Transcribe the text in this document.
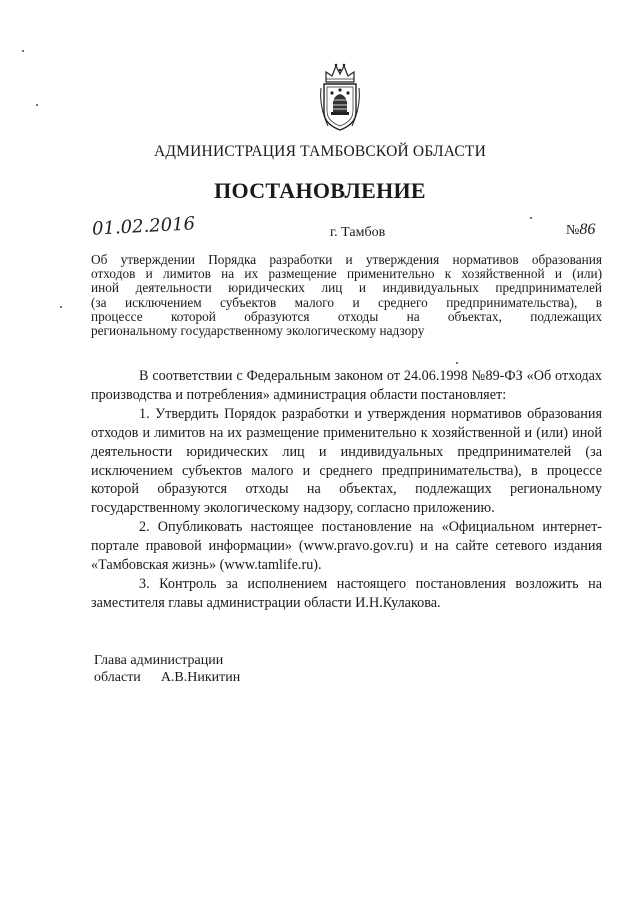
АДМИНИСТРАЦИЯ ТАМБОВСКОЙ ОБЛАСТИ
ПОСТАНОВЛЕНИЕ
01.02.2016	г. Тамбов	№86
Об утверждении Порядка разработки и утверждения нормативов образования
отходов и лимитов на их размещение применительно к хозяйственной и (или)
иной деятельности юридических лиц и индивидуальных предпринимателей
(за исключением субъектов малого и среднего предпринимательства), в
процессе которой образуются отходы на объектах, подлежащих
региональному государственному экологическому надзору

В соответствии с Федеральным законом от 24.06.1998 №89-ФЗ «Об отходах производства и потребления» администрация области постановляет:

1. Утвердить Порядок разработки и утверждения нормативов образования отходов и лимитов на их размещение применительно к хозяйственной и (или) иной деятельности юридических лиц и индивидуальных предпринимателей (за исключением субъектов малого и среднего предпринимательства), в процессе которой образуются отходы на объектах, подлежащих региональному государственному экологическому надзору, согласно приложению.

2. Опубликовать настоящее постановление на «Официальном интернет-портале правовой информации» (www.pravo.gov.ru) и на сайте сетевого издания «Тамбовская жизнь» (www.tamlife.ru).

3. Контроль за исполнением настоящего постановления возложить на заместителя главы администрации области И.Н.Кулакова.

Глава администрации
области А.В.Никитин
